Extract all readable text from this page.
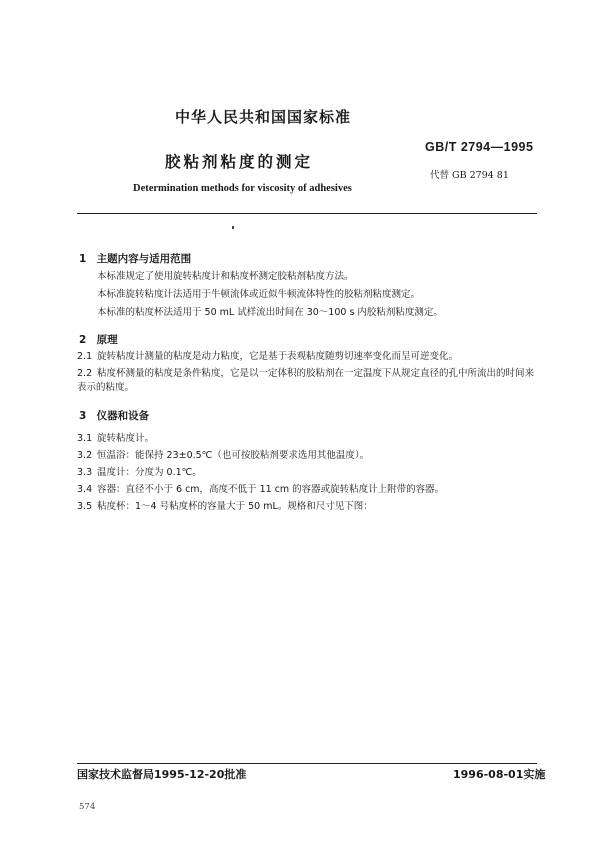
中华人民共和国国家标准
GB/T 2794—1995
胶粘剂粘度的测定
代替 GB 2794 81
Determination methods for viscosity of adhesives
1 主题内容与适用范围
本标准规定了使用旋转粘度计和粘度杯测定胶粘剂粘度方法。
本标准旋转粘度计法适用于牛顿流体或近似牛顿流体特性的胶粘剂粘度测定。
本标准的粘度杯法适用于 50 mL 试样流出时间在 30～100 s 内胶粘剂粘度测定。
2 原理
2.1 旋转粘度计测量的粘度是动力粘度，它是基于表观粘度随剪切速率变化而呈可逆变化。
2.2 粘度杯测量的粘度是条件粘度，它是以一定体积的胶粘剂在一定温度下从规定直径的孔中所流出的时间来表示的粘度。
3 仪器和设备
3.1 旋转粘度计。
3.2 恒温浴：能保持 23±0.5℃（也可按胶粘剂要求选用其他温度）。
3.3 温度计：分度为 0.1℃。
3.4 容器：直径不小于 6 cm，高度不低于 11 cm 的容器或旋转粘度计上附带的容器。
3.5 粘度杯：1～4 号粘度杯的容量大于 50 mL。规格和尺寸见下图：
国家技术监督局1995-12-20批准	1996-08-01实施
574
